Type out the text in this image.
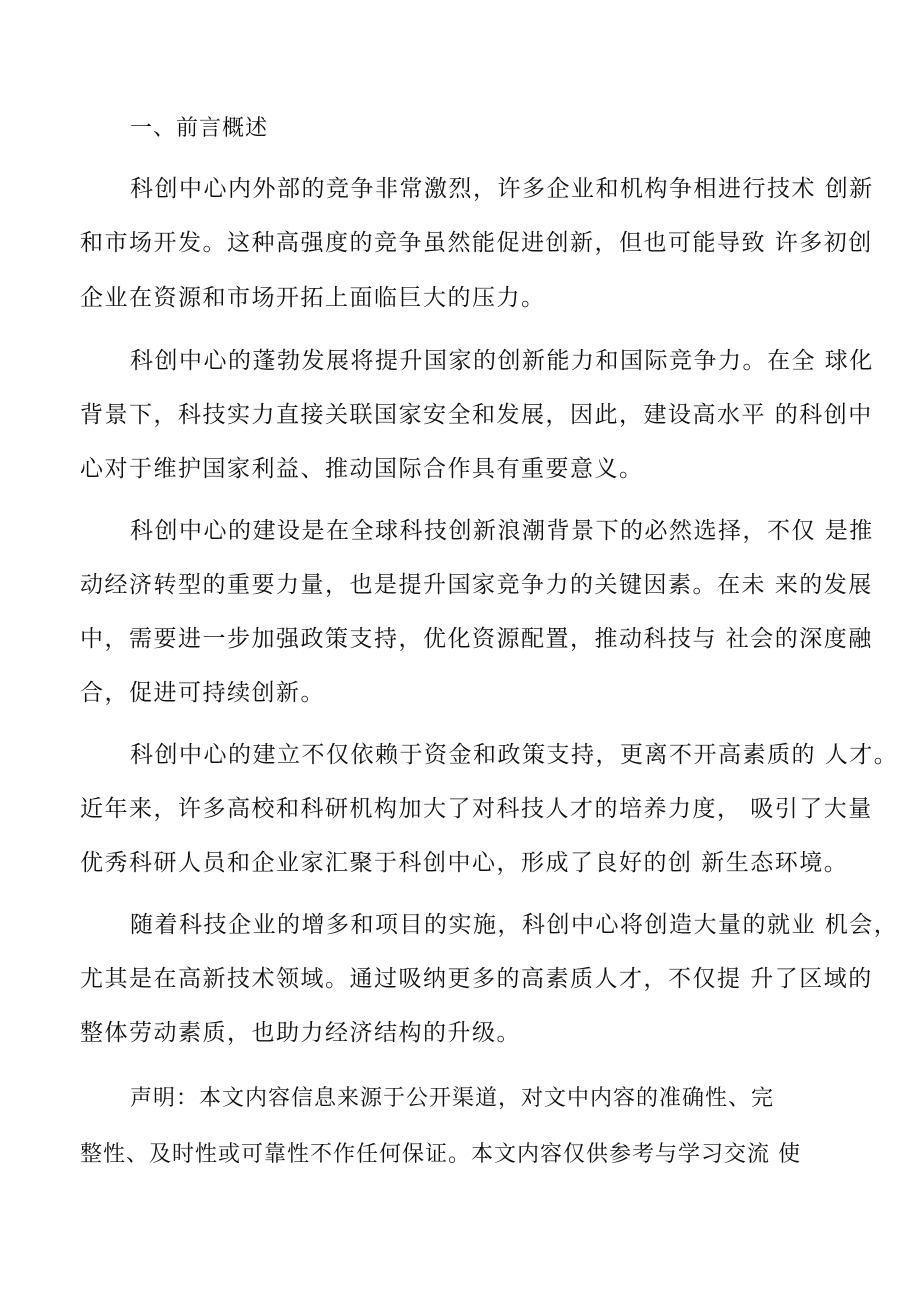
一、前言概述
科创中心内外部的竞争非常激烈，许多企业和机构争相进行技术 创新
和市场开发。这种高强度的竞争虽然能促进创新，但也可能导致 许多初创
企业在资源和市场开拓上面临巨大的压力。
科创中心的蓬勃发展将提升国家的创新能力和国际竞争力。在全 球化
背景下，科技实力直接关联国家安全和发展，因此，建设高水平 的科创中
心对于维护国家利益、推动国际合作具有重要意义。
科创中心的建设是在全球科技创新浪潮背景下的必然选择，不仅 是推
动经济转型的重要力量，也是提升国家竞争力的关键因素。在未 来的发展
中，需要进一步加强政策支持，优化资源配置，推动科技与 社会的深度融
合，促进可持续创新。
科创中心的建立不仅依赖于资金和政策支持，更离不开高素质的 人才。
近年来，许多高校和科研机构加大了对科技人才的培养力度， 吸引了大量
优秀科研人员和企业家汇聚于科创中心，形成了良好的创 新生态环境。
随着科技企业的增多和项目的实施，科创中心将创造大量的就业 机会，
尤其是在高新技术领域。通过吸纳更多的高素质人才，不仅提 升了区域的
整体劳动素质，也助力经济结构的升级。
声明：本文内容信息来源于公开渠道，对文中内容的准确性、完
整性、及时性或可靠性不作任何保证。本文内容仅供参考与学习交流 使
